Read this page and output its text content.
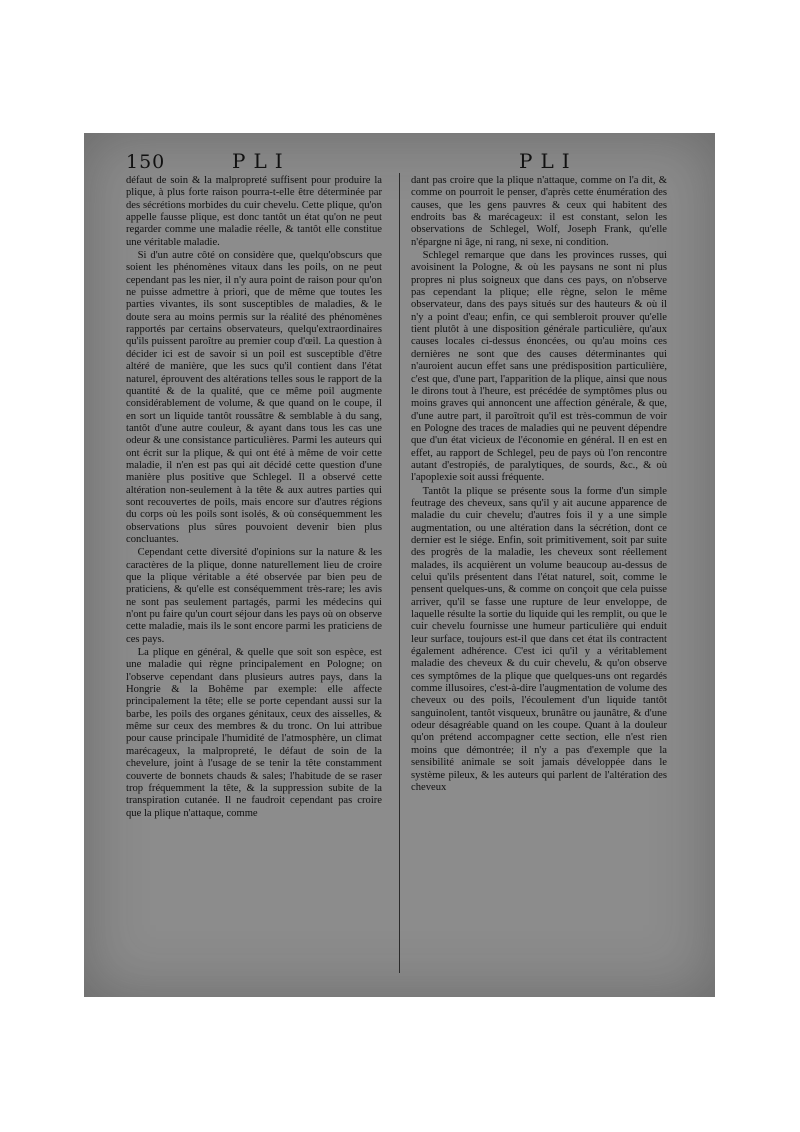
150	PLI	PLI

défaut de soin & la malpropreté suffisent pour produire la plique, à plus forte raison pourra-t-elle être déterminée par des sécrétions morbides du cuir chevelu. Cette plique, qu'on appelle fausse plique, est donc tantôt un état qu'on ne peut regarder comme une maladie réelle, & tantôt elle constitue une véritable maladie.

Si d'un autre côté on considère que, quelqu'obscurs que soient les phénomènes vitaux dans les poils, on ne peut cependant pas les nier, il n'y aura point de raison pour qu'on ne puisse admettre à priori, que de même que toutes les parties vivantes, ils sont susceptibles de maladies, & le doute sera au moins permis sur la réalité des phénomènes rapportés par certains observateurs, quelqu'extraordinaires qu'ils puissent paroître au premier coup d'œil. La question à décider ici est de savoir si un poil est susceptible d'être altéré de manière, que les sucs qu'il contient dans l'état naturel, éprouvent des altérations telles sous le rapport de la quantité & de la qualité, que ce même poil augmente considérablement de volume, & que quand on le coupe, il en sort un liquide tantôt roussâtre & semblable à du sang, tantôt d'une autre couleur, & ayant dans tous les cas une odeur & une consistance particulières. Parmi les auteurs qui ont écrit sur la plique, & qui ont été à même de voir cette maladie, il n'en est pas qui ait décidé cette question d'une manière plus positive que Schlegel. Il a observé cette altération non-seulement à la tête & aux autres parties qui sont recouvertes de poils, mais encore sur d'autres régions du corps où les poils sont isolés, & où conséquemment les observations plus sûres pouvoient devenir bien plus concluantes.

Cependant cette diversité d'opinions sur la nature & les caractères de la plique, donne naturellement lieu de croire que la plique véritable a été observée par bien peu de praticiens, & qu'elle est conséquemment très-rare; les avis ne sont pas seulement partagés, parmi les médecins qui n'ont pu faire qu'un court séjour dans les pays où on observe cette maladie, mais ils le sont encore parmi les praticiens de ces pays.

La plique en général, & quelle que soit son espèce, est une maladie qui règne principalement en Pologne; on l'observe cependant dans plusieurs autres pays, dans la Hongrie & la Bohême par exemple: elle affecte principalement la tête; elle se porte cependant aussi sur la barbe, les poils des organes génitaux, ceux des aisselles, & même sur ceux des membres & du tronc. On lui attribue pour cause principale l'humidité de l'atmosphère, un climat marécageux, la malpropreté, le défaut de soin de la chevelure, joint à l'usage de se tenir la tête constamment couverte de bonnets chauds & sales; l'habitude de se raser trop fréquemment la tête, & la suppression subite de la transpiration cutanée. Il ne faudroit cependant pas croire que la plique n'attaque, comme

dant pas croire que la plique n'attaque, comme on l'a dit, & comme on pourroit le penser, d'après cette énumération des causes, que les gens pauvres & ceux qui habitent des endroits bas & marécageux: il est constant, selon les observations de Schlegel, Wolf, Joseph Frank, qu'elle n'épargne ni âge, ni rang, ni sexe, ni condition.

Schlegel remarque que dans les provinces russes, qui avoisinent la Pologne, & où les paysans ne sont ni plus propres ni plus soigneux que dans ces pays, on n'observe pas cependant la plique; elle règne, selon le même observateur, dans des pays situés sur des hauteurs & où il n'y a point d'eau; enfin, ce qui sembleroit prouver qu'elle tient plutôt à une disposition générale particulière, qu'aux causes locales ci-dessus énoncées, ou qu'au moins ces dernières ne sont que des causes déterminantes qui n'auroient aucun effet sans une prédisposition particulière, c'est que, d'une part, l'apparition de la plique, ainsi que nous le dirons tout à l'heure, est précédée de symptômes plus ou moins graves qui annoncent une affection générale, & que, d'une autre part, il paroîtroit qu'il est très-commun de voir en Pologne des traces de maladies qui ne peuvent dépendre que d'un état vicieux de l'économie en général. Il en est en effet, au rapport de Schlegel, peu de pays où l'on rencontre autant d'estropiés, de paralytiques, de sourds, &c., & où l'apoplexie soit aussi fréquente.

Tantôt la plique se présente sous la forme d'un simple feutrage des cheveux, sans qu'il y ait aucune apparence de maladie du cuir chevelu; d'autres fois il y a une simple augmentation, ou une altération dans la sécrétion, dont ce dernier est le siége. Enfin, soit primitivement, soit par suite des progrès de la maladie, les cheveux sont réellement malades, ils acquièrent un volume beaucoup au-dessus de celui qu'ils présentent dans l'état naturel, soit, comme le pensent quelques-uns, & comme on conçoit que cela puisse arriver, qu'il se fasse une rupture de leur enveloppe, de laquelle résulte la sortie du liquide qui les remplit, ou que le cuir chevelu fournisse une humeur particulière qui enduit leur surface, toujours est-il que dans cet état ils contractent également adhérence. C'est ici qu'il y a véritablement maladie des cheveux & du cuir chevelu, & qu'on observe ces symptômes de la plique que quelques-uns ont regardés comme illusoires, c'est-à-dire l'augmentation de volume des cheveux ou des poils, l'écoulement d'un liquide tantôt sanguinolent, tantôt visqueux, brunâtre ou jaunâtre, & d'une odeur désagréable quand on les coupe. Quant à la douleur qu'on prétend accompagner cette section, elle n'est rien moins que démontrée; il n'y a pas d'exemple que la sensibilité animale se soit jamais développée dans le système pileux, & les auteurs qui parlent de l'altération des cheveux
